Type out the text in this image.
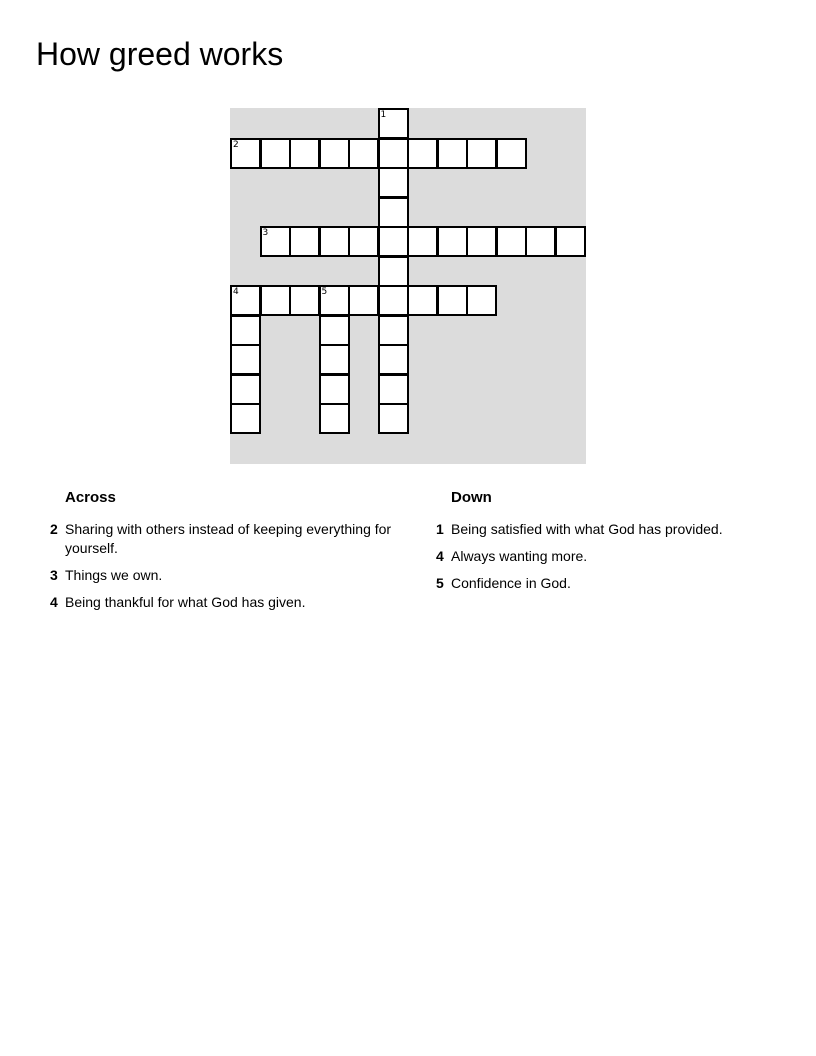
How greed works
1
2
3
4	5
Across
2 Sharing with others instead of keeping everything for yourself.
3 Things we own.
4 Being thankful for what God has given.
Down
1 Being satisfied with what God has provided.
4 Always wanting more.
5 Confidence in God.
